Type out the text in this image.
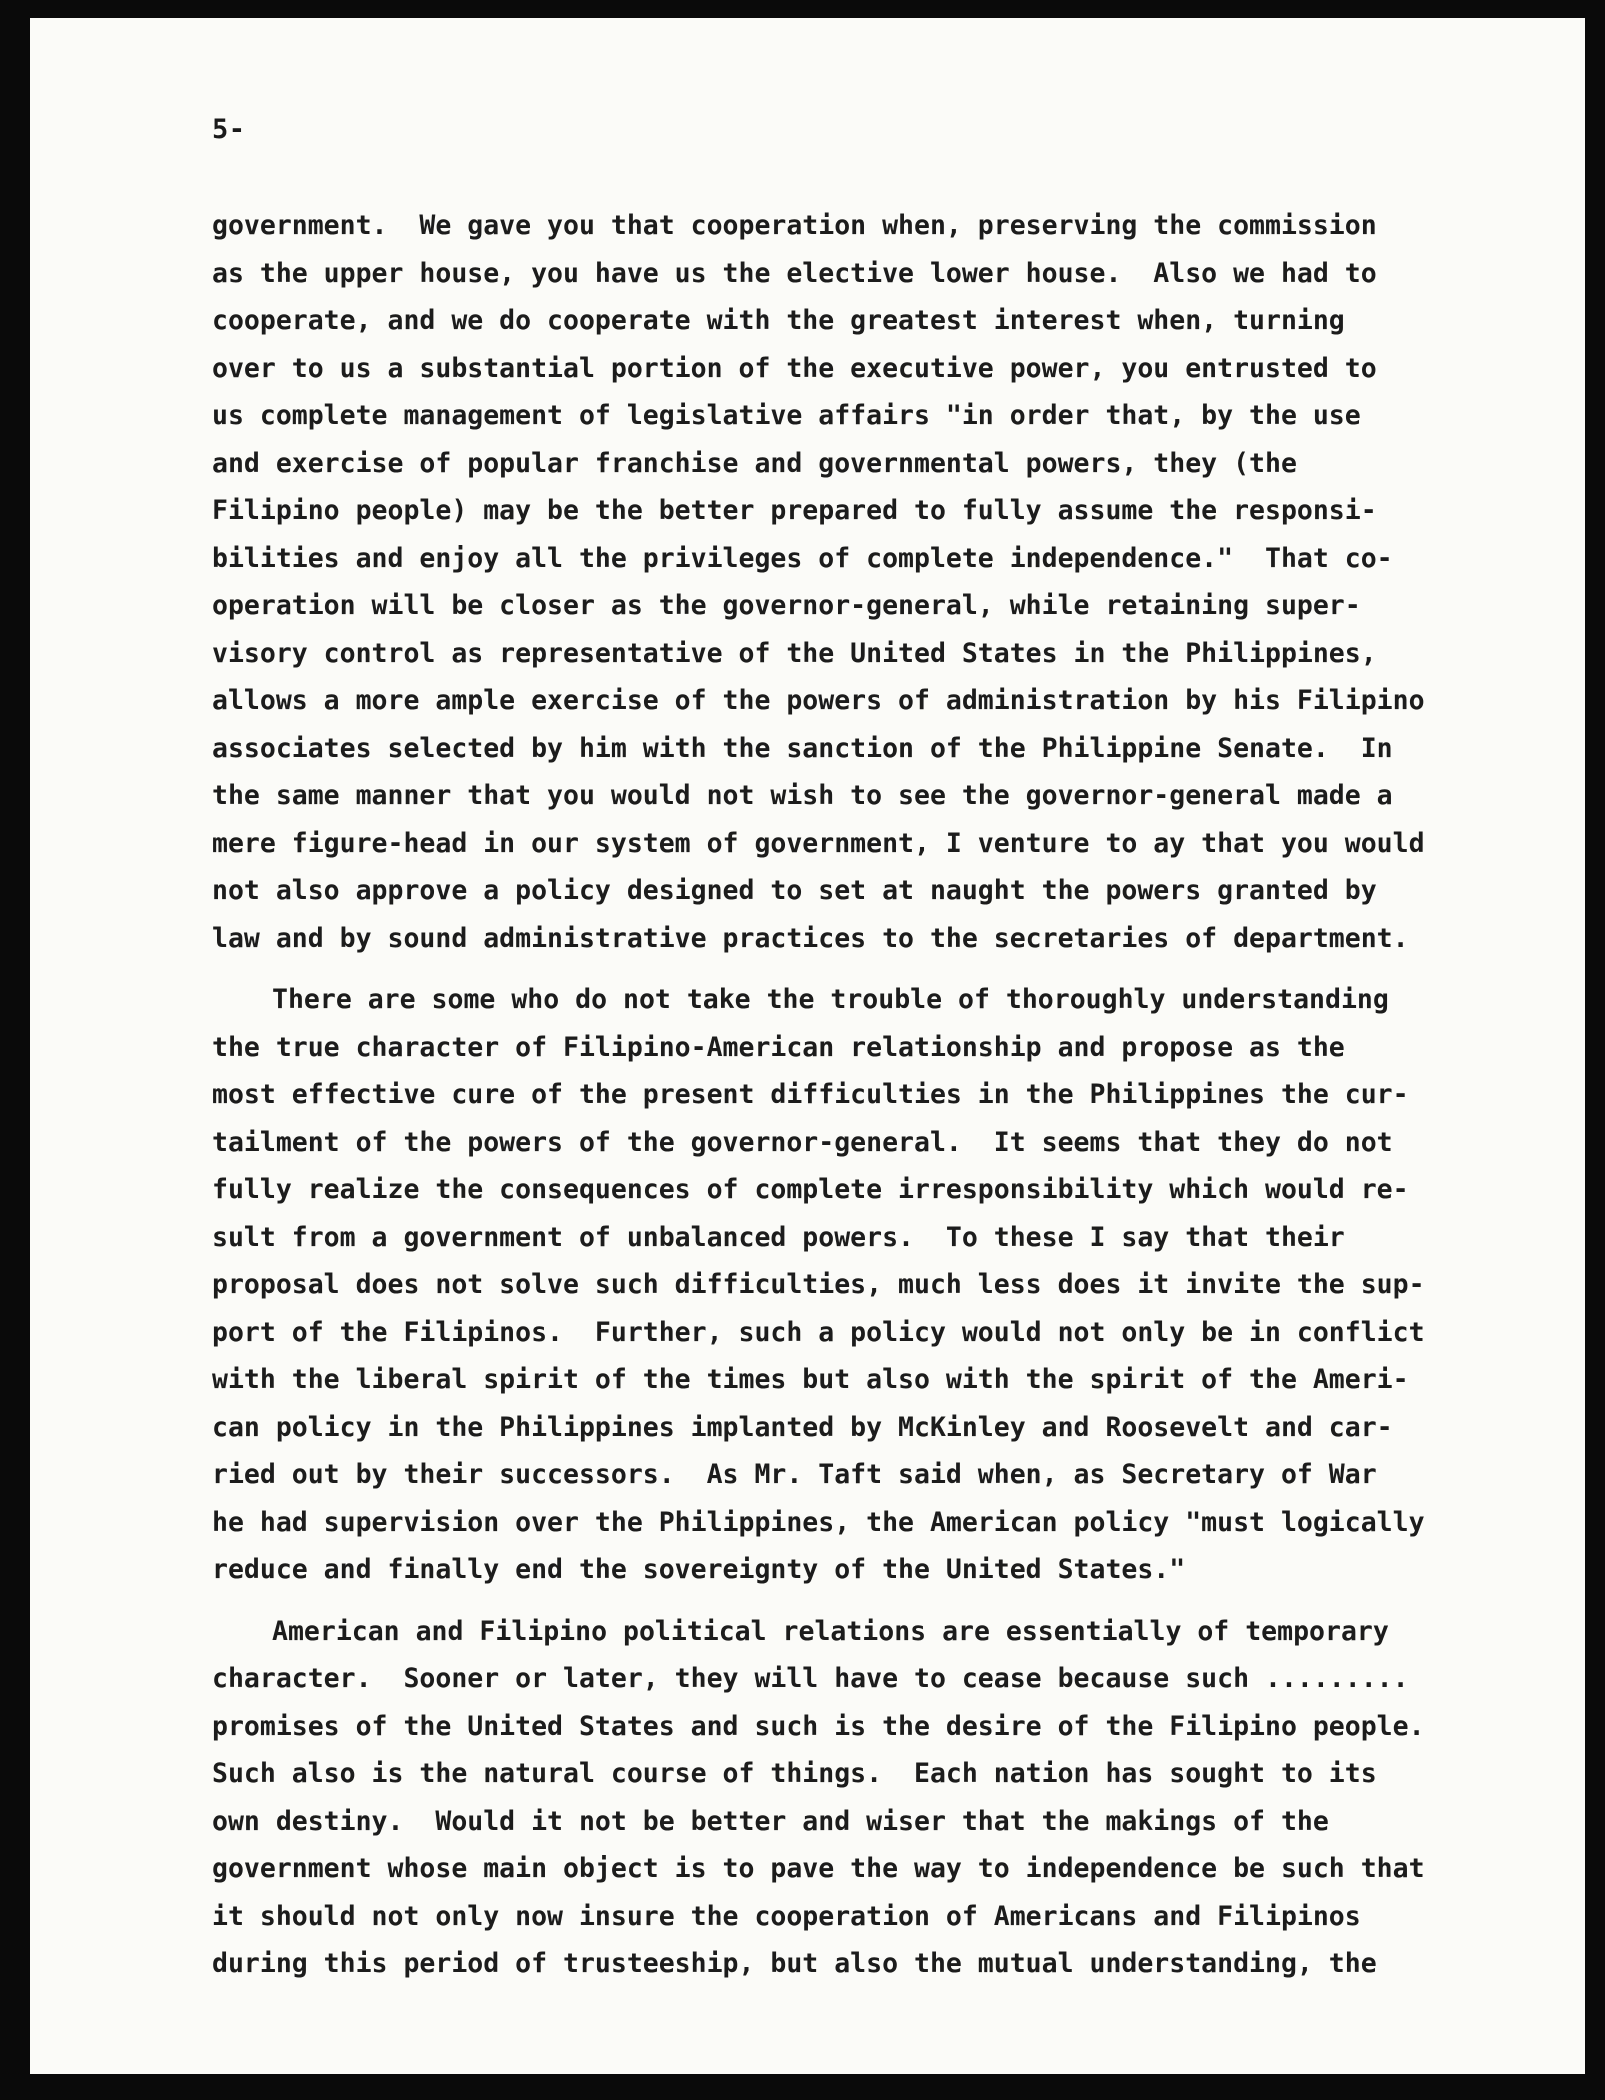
5-
government.  We gave you that cooperation when, preserving the commission
as the upper house, you have us the elective lower house.  Also we had to
cooperate, and we do cooperate with the greatest interest when, turning
over to us a substantial portion of the executive power, you entrusted to
us complete management of legislative affairs "in order that, by the use
and exercise of popular franchise and governmental powers, they (the
Filipino people) may be the better prepared to fully assume the responsi-
bilities and enjoy all the privileges of complete independence."  That co-
operation will be closer as the governor-general, while retaining super-
visory control as representative of the United States in the Philippines,
allows a more ample exercise of the powers of administration by his Filipino
associates selected by him with the sanction of the Philippine Senate.  In
the same manner that you would not wish to see the governor-general made a
mere figure-head in our system of government, I venture to ay that you would
not also approve a policy designed to set at naught the powers granted by
law and by sound administrative practices to the secretaries of department.
There are some who do not take the trouble of thoroughly understanding
the true character of Filipino-American relationship and propose as the
most effective cure of the present difficulties in the Philippines the cur-
tailment of the powers of the governor-general.  It seems that they do not
fully realize the consequences of complete irresponsibility which would re-
sult from a government of unbalanced powers.  To these I say that their
proposal does not solve such difficulties, much less does it invite the sup-
port of the Filipinos.  Further, such a policy would not only be in conflict
with the liberal spirit of the times but also with the spirit of the Ameri-
can policy in the Philippines implanted by McKinley and Roosevelt and car-
ried out by their successors.  As Mr. Taft said when, as Secretary of War
he had supervision over the Philippines, the American policy "must logically
reduce and finally end the sovereignty of the United States."
American and Filipino political relations are essentially of temporary
character.  Sooner or later, they will have to cease because such .........
promises of the United States and such is the desire of the Filipino people.
Such also is the natural course of things.  Each nation has sought to its
own destiny.  Would it not be better and wiser that the makings of the
government whose main object is to pave the way to independence be such that
it should not only now insure the cooperation of Americans and Filipinos
during this period of trusteeship, but also the mutual understanding, the
